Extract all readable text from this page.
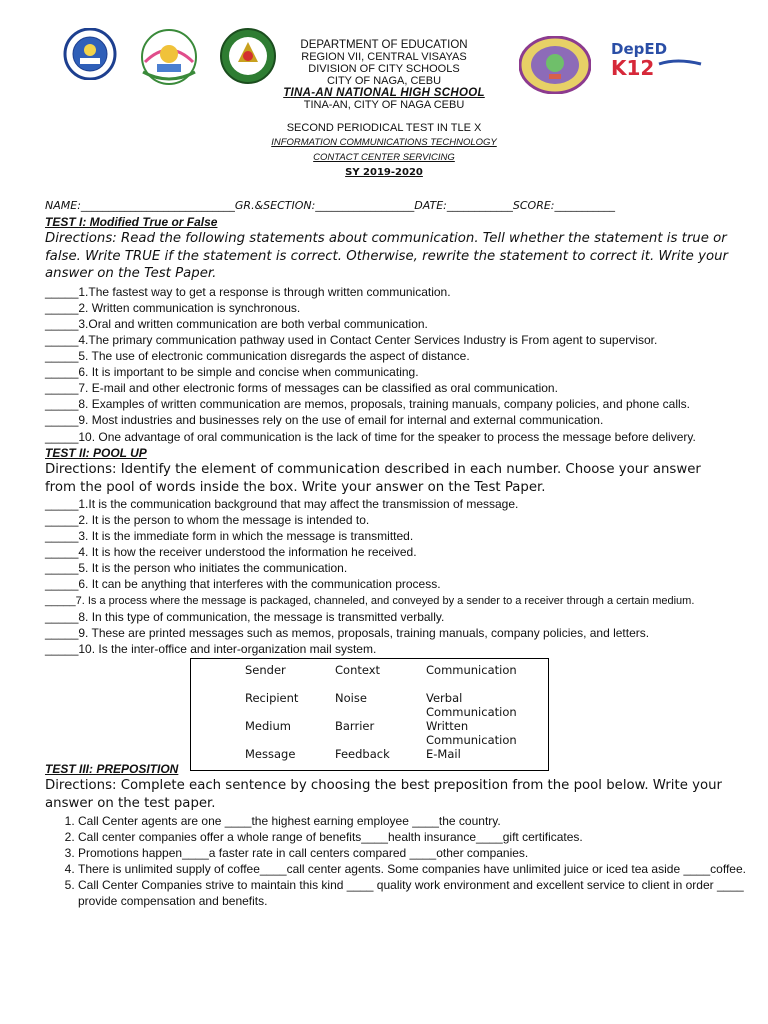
DepED
K12
DEPARTMENT OF EDUCATION
REGION VII, CENTRAL VISAYAS
DIVISION OF CITY SCHOOLS
CITY OF NAGA, CEBU
TINA-AN NATIONAL HIGH SCHOOL
TINA-AN, CITY OF NAGA CEBU
SECOND PERIODICAL TEST IN TLE X
INFORMATION COMMUNICATIONS TECHNOLOGY
CONTACT CENTER SERVICING
SY 2019-2020
NAME:____________________________GR.&SECTION:__________________DATE:____________SCORE:___________
TEST I: Modified True or False
Directions: Read the following statements about communication. Tell whether the statement is true or false. Write TRUE if the statement is correct. Otherwise, rewrite the statement to correct it. Write your answer on the Test Paper.
_____1.The fastest way to get a response is through written communication.
_____2. Written communication is synchronous.
_____3.Oral and written communication are both verbal communication.
_____4.The primary communication pathway used in Contact Center Services Industry is From agent to supervisor.
_____5. The use of electronic communication disregards the aspect of distance.
_____6. It is important to be simple and concise when communicating.
_____7. E-mail and other electronic forms of messages can be classified as oral communication.
_____8. Examples of written communication are memos, proposals, training manuals, company policies, and phone calls.
_____9. Most industries and businesses rely on the use of email for internal and external communication.
_____10. One advantage of oral communication is the lack of time for the speaker to process the message before delivery.
TEST II: POOL UP
Directions: Identify the element of communication described in each number. Choose your answer from the pool of words inside the box. Write your answer on the Test Paper.
_____1.It is the communication background that may affect the transmission of message.
_____2. It is the person to whom the message is intended to.
_____3. It is the immediate form in which the message is transmitted.
_____4. It is how the receiver understood the information he received.
_____5. It is the person who initiates the communication.
_____6. It can be anything that interferes with the communication process.
_____7. Is a process where the message is packaged, channeled, and conveyed by a sender to a receiver through a certain medium.
_____8. In this type of communication, the message is transmitted verbally.
_____9. These are printed messages such as memos, proposals, training manuals, company policies, and letters.
_____10. Is the inter-office and inter-organization mail system.
Sender	Context	Communication
Recipient	Noise	Verbal Communication
Medium	Barrier	Written Communication
Message	Feedback	E-Mail
TEST III: PREPOSITION
Directions: Complete each sentence by choosing the best preposition from the pool below. Write your answer on the test paper.
1. Call Center agents are one ____the highest earning employee ____the country.
2. Call center companies offer a whole range of benefits____health insurance____gift certificates.
3. Promotions happen____a faster rate in call centers compared ____other companies.
4. There is unlimited supply of coffee____call center agents. Some companies have unlimited juice or iced tea aside ____coffee.
5. Call Center Companies strive to maintain this kind ____ quality work environment and excellent service to client in order ____ provide compensation and benefits.
